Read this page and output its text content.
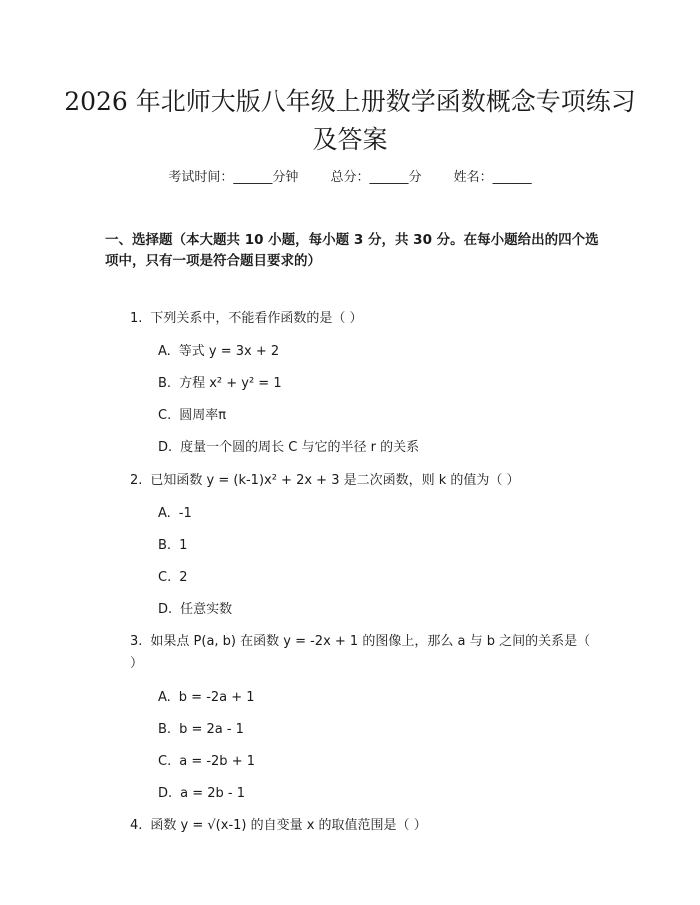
2026 年北师大版八年级上册数学函数概念专项练习及答案
考试时间：______分钟 总分：______分 姓名：______

一、选择题（本大题共 10 小题，每小题 3 分，共 30 分。在每小题给出的四个选项中，只有一项是符合题目要求的）

1. 下列关系中，不能看作函数的是（ ）
A. 等式 y = 3x + 2
B. 方程 x² + y² = 1
C. 圆周率π
D. 度量一个圆的周长 C 与它的半径 r 的关系
2. 已知函数 y = (k-1)x² + 2x + 3 是二次函数，则 k 的值为（ ）
A. -1
B. 1
C. 2
D. 任意实数
3. 如果点 P(a, b) 在函数 y = -2x + 1 的图像上，那么 a 与 b 之间的关系是（ ）
A. b = -2a + 1
B. b = 2a - 1
C. a = -2b + 1
D. a = 2b - 1
4. 函数 y = √(x-1) 的自变量 x 的取值范围是（ ）
